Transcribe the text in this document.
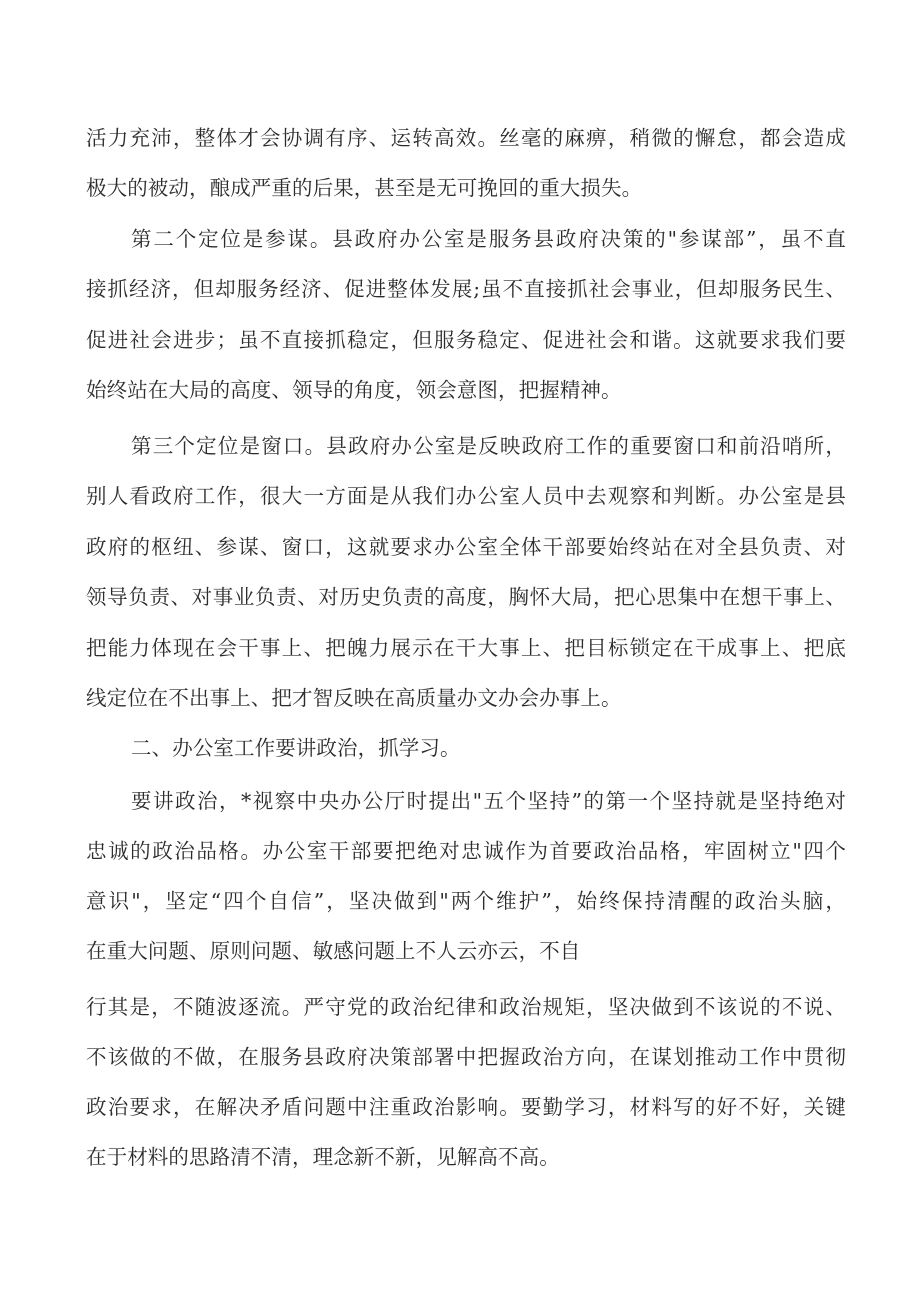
活力充沛，整体才会协调有序、运转高效。丝毫的麻痹，稍微的懈怠，都会造成

极大的被动，酿成严重的后果，甚至是无可挽回的重大损失。

第二个定位是参谋。县政府办公室是服务县政府决策的"参谋部”，虽不直

接抓经济，但却服务经济、促进整体发展;虽不直接抓社会事业，但却服务民生、

促进社会进步；虽不直接抓稳定，但服务稳定、促进社会和谐。这就要求我们要

始终站在大局的高度、领导的角度，领会意图，把握精神。

第三个定位是窗口。县政府办公室是反映政府工作的重要窗口和前沿哨所，

别人看政府工作，很大一方面是从我们办公室人员中去观察和判断。办公室是县

政府的枢纽、参谋、窗口，这就要求办公室全体干部要始终站在对全县负责、对

领导负责、对事业负责、对历史负责的高度，胸怀大局，把心思集中在想干事上、

把能力体现在会干事上、把魄力展示在干大事上、把目标锁定在干成事上、把底

线定位在不出事上、把才智反映在高质量办文办会办事上。

二、办公室工作要讲政治，抓学习。

要讲政治，*视察中央办公厅时提出"五个坚持”的第一个坚持就是坚持绝对

忠诚的政治品格。办公室干部要把绝对忠诚作为首要政治品格，牢固树立"四个

意识"，坚定“四个自信”，坚决做到"两个维护”，始终保持清醒的政治头脑，

在重大问题、原则问题、敏感问题上不人云亦云，不自

行其是，不随波逐流。严守党的政治纪律和政治规矩，坚决做到不该说的不说、

不该做的不做，在服务县政府决策部署中把握政治方向，在谋划推动工作中贯彻

政治要求，在解决矛盾问题中注重政治影响。要勤学习，材料写的好不好，关键

在于材料的思路清不清，理念新不新，见解高不高。
